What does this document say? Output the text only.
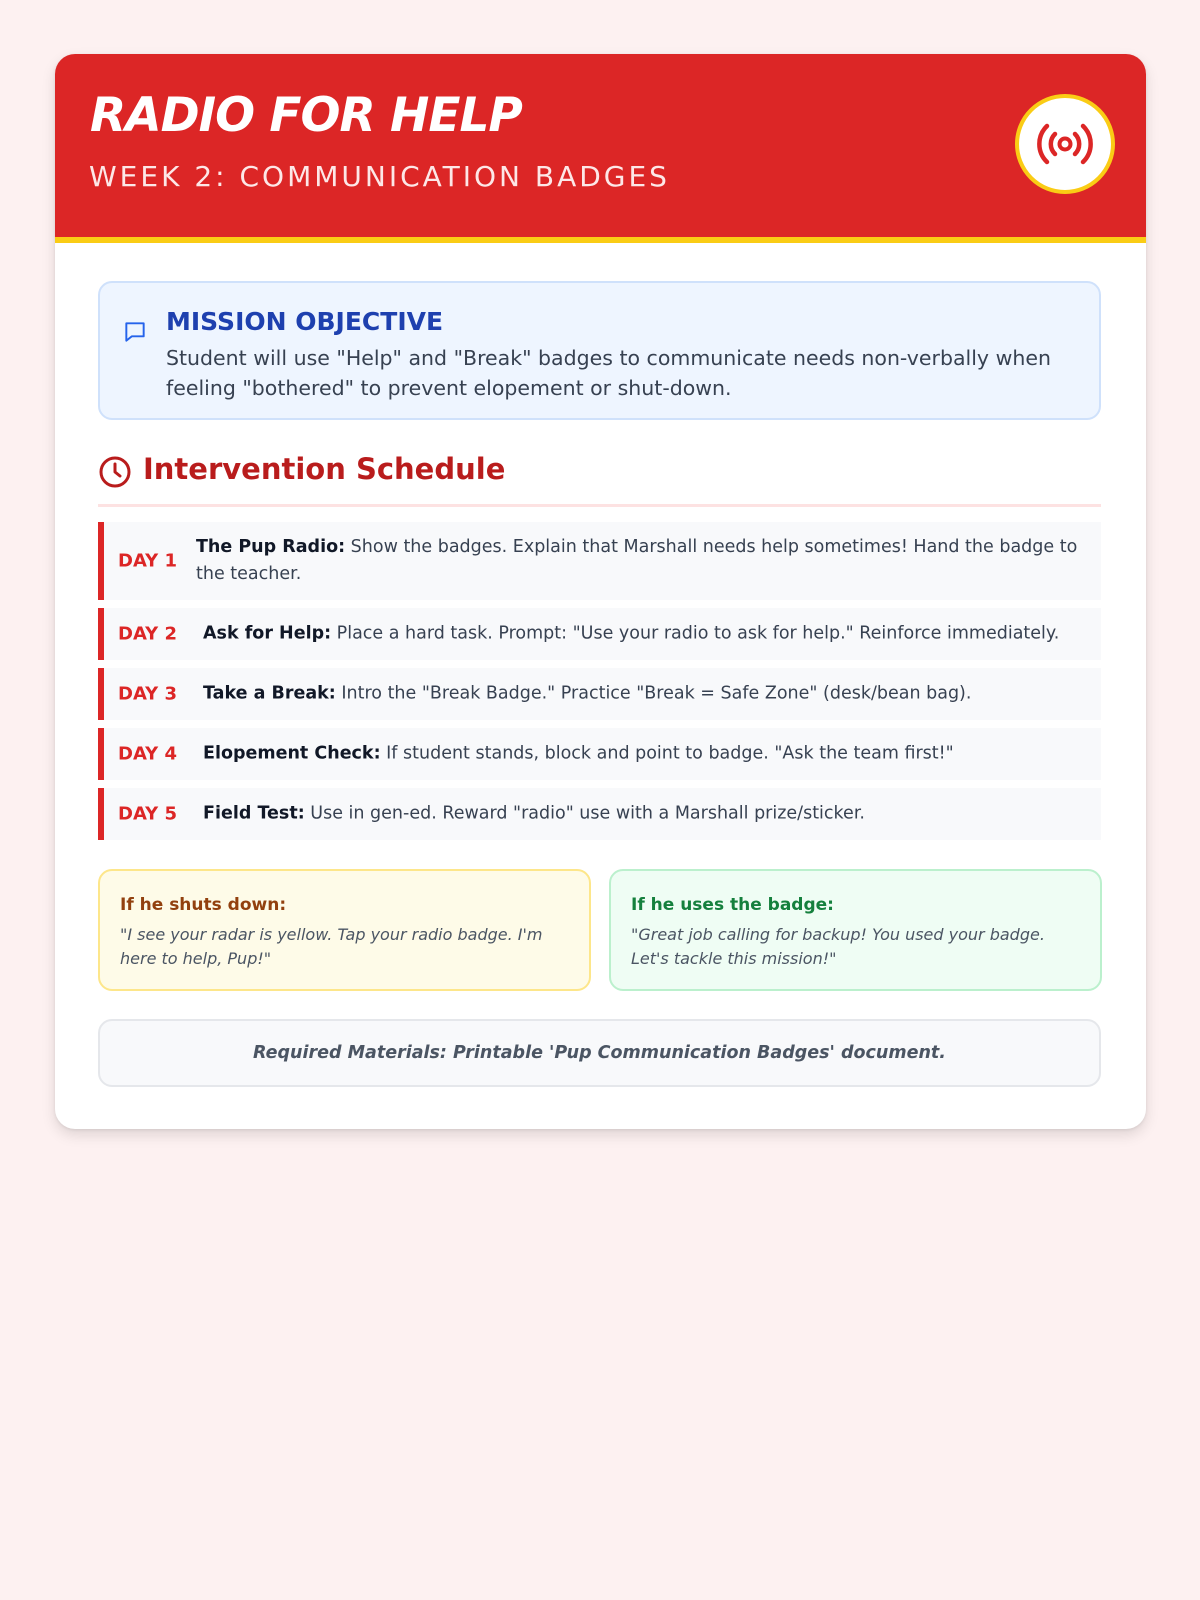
RADIO FOR HELP
WEEK 2: COMMUNICATION BADGES
MISSION OBJECTIVE
Student will use "Help" and "Break" badges to communicate needs non-verbally when feeling "bothered" to prevent elopement or shut-down.
Intervention Schedule
DAY 1
The Pup Radio: Show the badges. Explain that Marshall needs help sometimes! Hand the badge to the teacher.
DAY 2 Ask for Help: Place a hard task. Prompt: "Use your radio to ask for help." Reinforce immediately.
DAY 3 Take a Break: Intro the "Break Badge." Practice "Break = Safe Zone" (desk/bean bag).
DAY 4 Elopement Check: If student stands, block and point to badge. "Ask the team first!"
DAY 5 Field Test: Use in gen-ed. Reward "radio" use with a Marshall prize/sticker.
If he shuts down:
"I see your radar is yellow. Tap your radio badge. I'm here to help, Pup!"
If he uses the badge:
"Great job calling for backup! You used your badge. Let's tackle this mission!"
Required Materials: Printable 'Pup Communication Badges' document.
